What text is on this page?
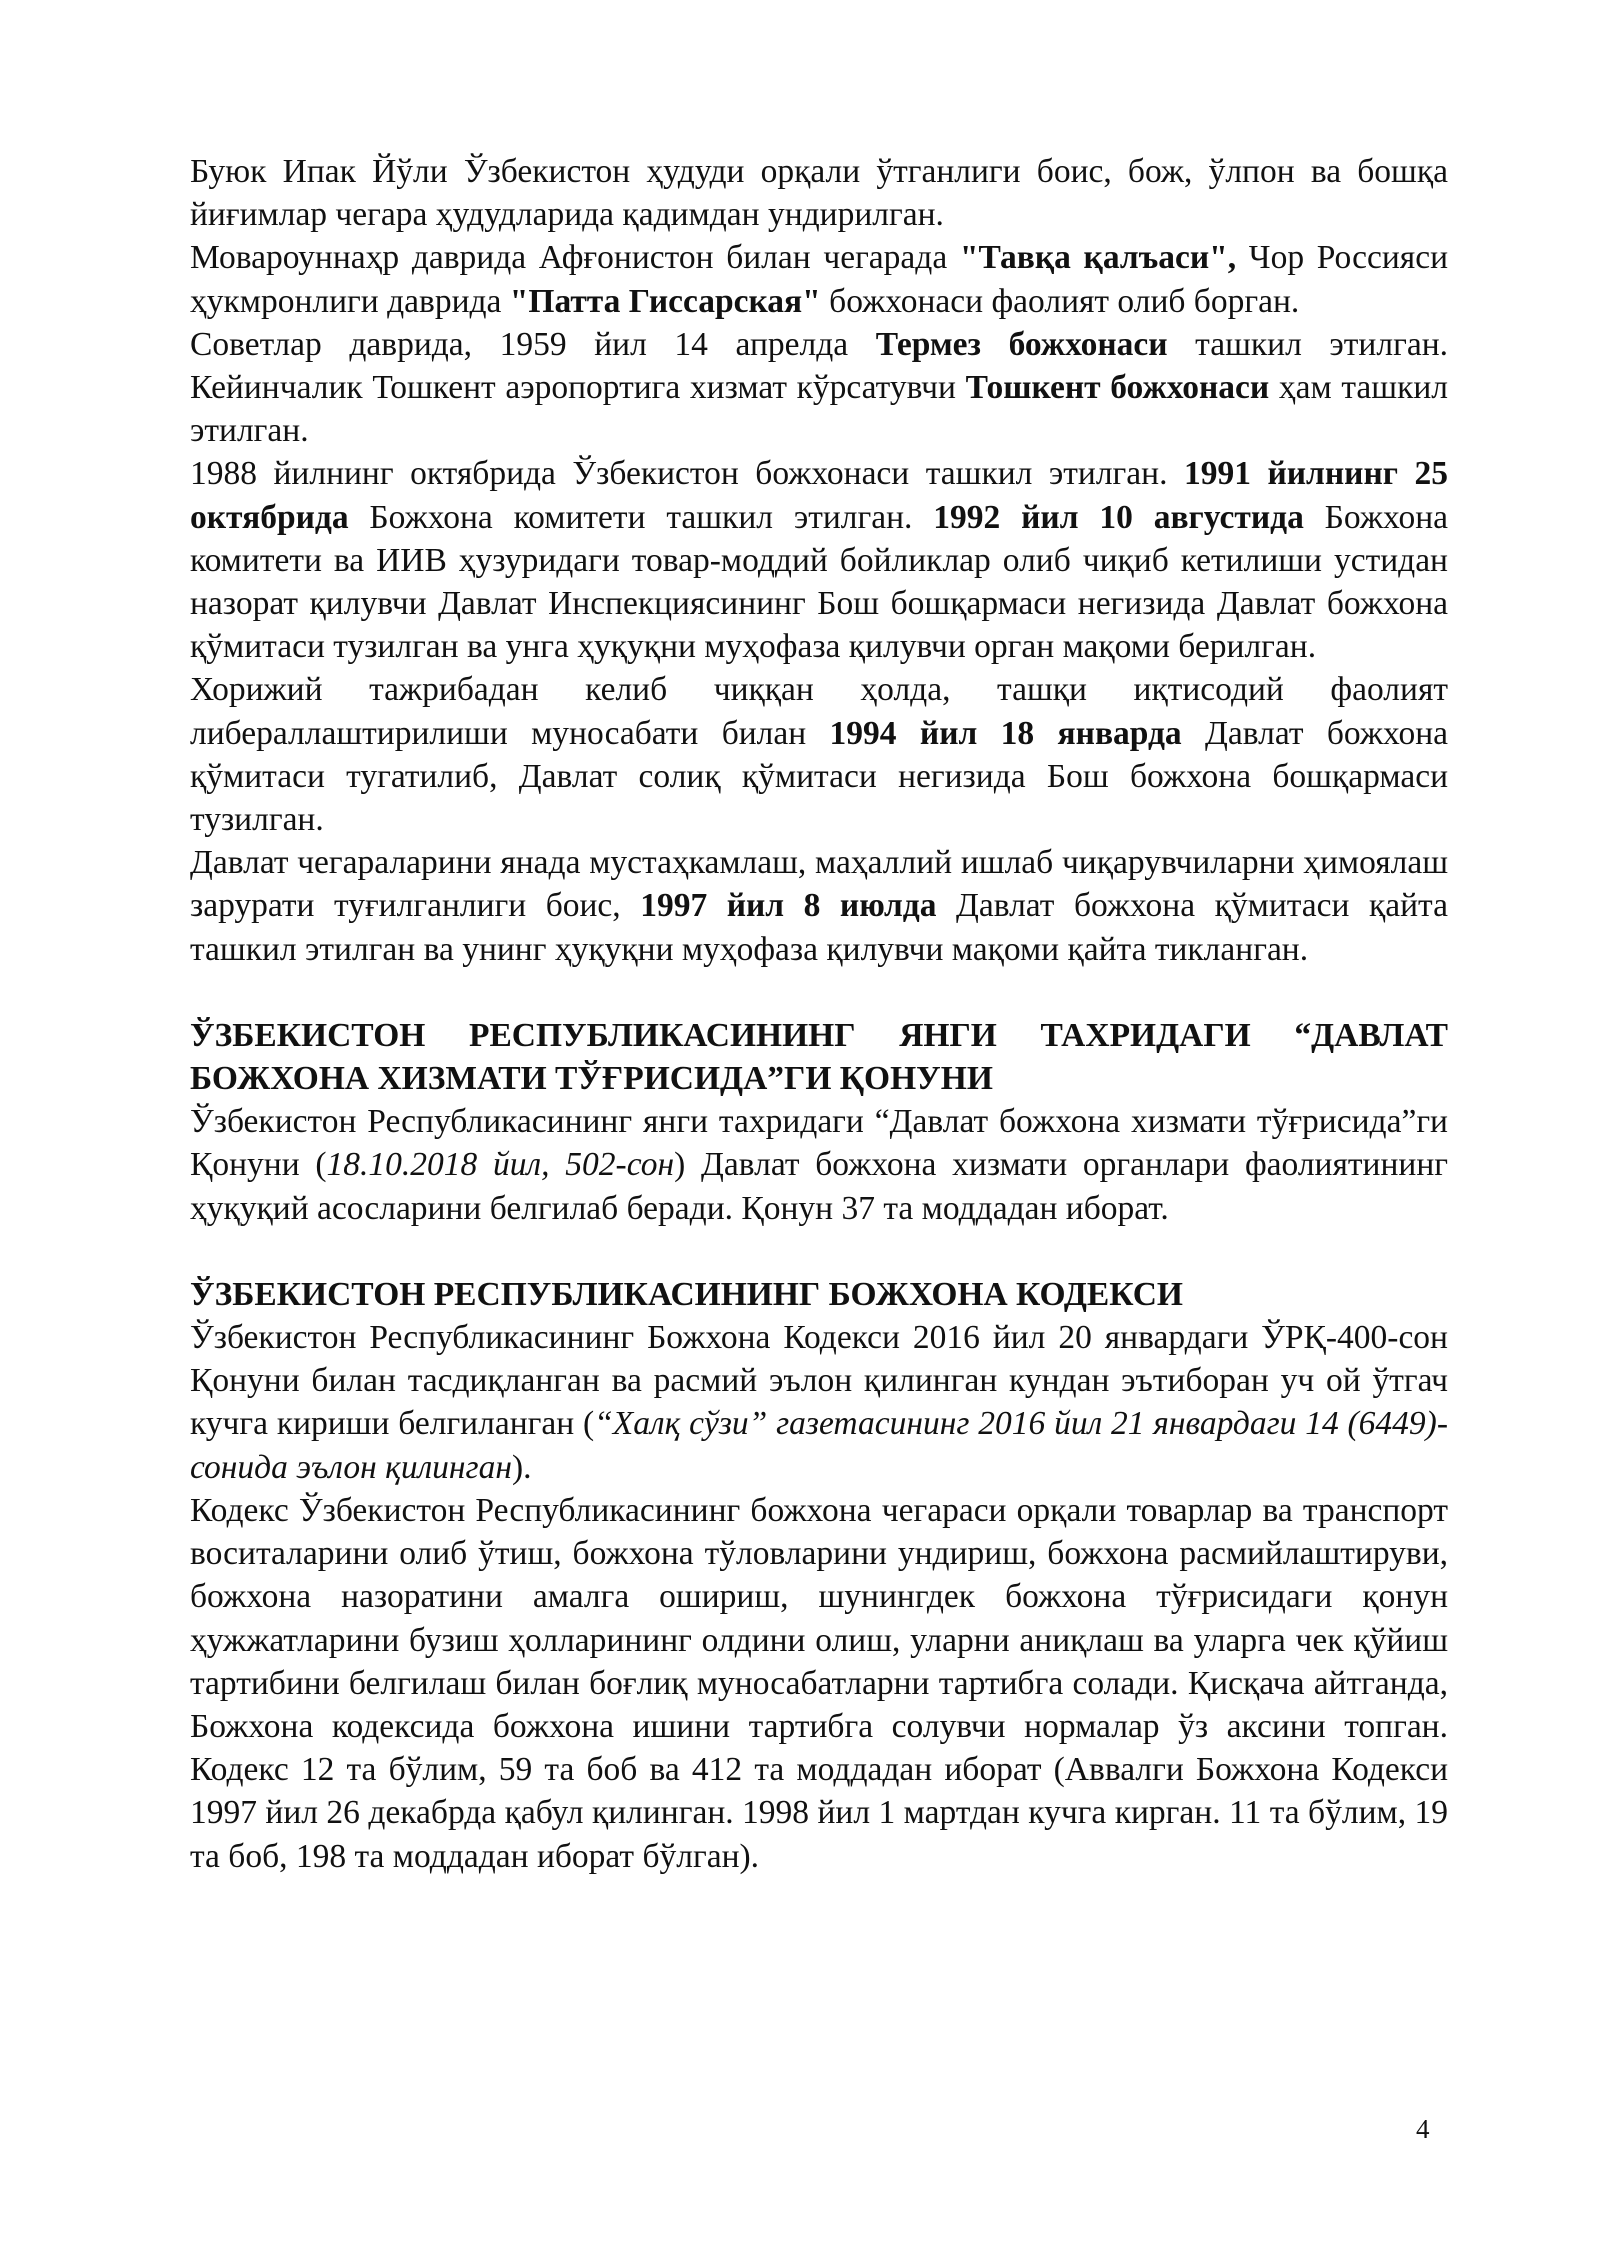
Буюк Ипак Йўли Ўзбекистон ҳудуди орқали ўтганлиги боис, бож, ўлпон ва бошқа йиғимлар чегара ҳудудларида қадимдан ундирилган.

Мовароуннаҳр даврида Афғонистон билан чегарада "Тавқа қалъаси", Чор Россияси ҳукмронлиги даврида "Патта Гиссарская" божхонаси фаолият олиб борган.

Советлар даврида, 1959 йил 14 апрелда Термез божхонаси ташкил этилган. Кейинчалик Тошкент аэропортига хизмат кўрсатувчи Тошкент божхонаси ҳам ташкил этилган.

1988 йилнинг октябрида Ўзбекистон божхонаси ташкил этилган. 1991 йилнинг 25 октябрида Божхона комитети ташкил этилган. 1992 йил 10 августида Божхона комитети ва ИИВ ҳузуридаги товар-моддий бойликлар олиб чиқиб кетилиши устидан назорат қилувчи Давлат Инспекциясининг Бош бошқармаси негизида Давлат божхона қўмитаси тузилган ва унга ҳуқуқни муҳофаза қилувчи орган мақоми берилган.

Хорижий тажрибадан келиб чиққан ҳолда, ташқи иқтисодий фаолият либераллаштирилиши муносабати билан 1994 йил 18 январда Давлат божхона қўмитаси тугатилиб, Давлат солиқ қўмитаси негизида Бош божхона бошқармаси тузилган.

Давлат чегараларини янада мустаҳкамлаш, маҳаллий ишлаб чиқарувчиларни ҳимоялаш зарурати туғилганлиги боис, 1997 йил 8 июлда Давлат божхона қўмитаси қайта ташкил этилган ва унинг ҳуқуқни муҳофаза қилувчи мақоми қайта тикланган.

ЎЗБЕКИСТОН РЕСПУБЛИКАСИНИНГ ЯНГИ ТАХРИДАГИ “ДАВЛАТ БОЖХОНА ХИЗМАТИ ТЎҒРИСИДА”ГИ ҚОНУНИ

Ўзбекистон Республикасининг янги тахридаги “Давлат божхона хизмати тўғрисида”ги Қонуни (18.10.2018 йил, 502-сон) Давлат божхона хизмати органлари фаолиятининг ҳуқуқий асосларини белгилаб беради. Қонун 37 та моддадан иборат.

ЎЗБЕКИСТОН РЕСПУБЛИКАСИНИНГ БОЖХОНА КОДЕКСИ

Ўзбекистон Республикасининг Божхона Кодекси 2016 йил 20 январдаги ЎРҚ-400-сон Қонуни билан тасдиқланган ва расмий эълон қилинган кундан эътиборан уч ой ўтгач кучга кириши белгиланган (“Халқ сўзи” газетасининг 2016 йил 21 январдаги 14 (6449)-сонида эълон қилинган).

Кодекс Ўзбекистон Республикасининг божхона чегараси орқали товарлар ва транспорт воситаларини олиб ўтиш, божхона тўловларини ундириш, божхона расмийлаштируви, божхона назоратини амалга ошириш, шунингдек божхона тўғрисидаги қонун ҳужжатларини бузиш ҳолларининг олдини олиш, уларни аниқлаш ва уларга чек қўйиш тартибини белгилаш билан боғлиқ муносабатларни тартибга солади. Қисқача айтганда, Божхона кодексида божхона ишини тартибга солувчи нормалар ўз аксини топган. Кодекс 12 та бўлим, 59 та боб ва 412 та моддадан иборат (Аввалги Божхона Кодекси 1997 йил 26 декабрда қабул қилинган. 1998 йил 1 мартдан кучга кирган. 11 та бўлим, 19 та боб, 198 та моддадан иборат бўлган).

4
